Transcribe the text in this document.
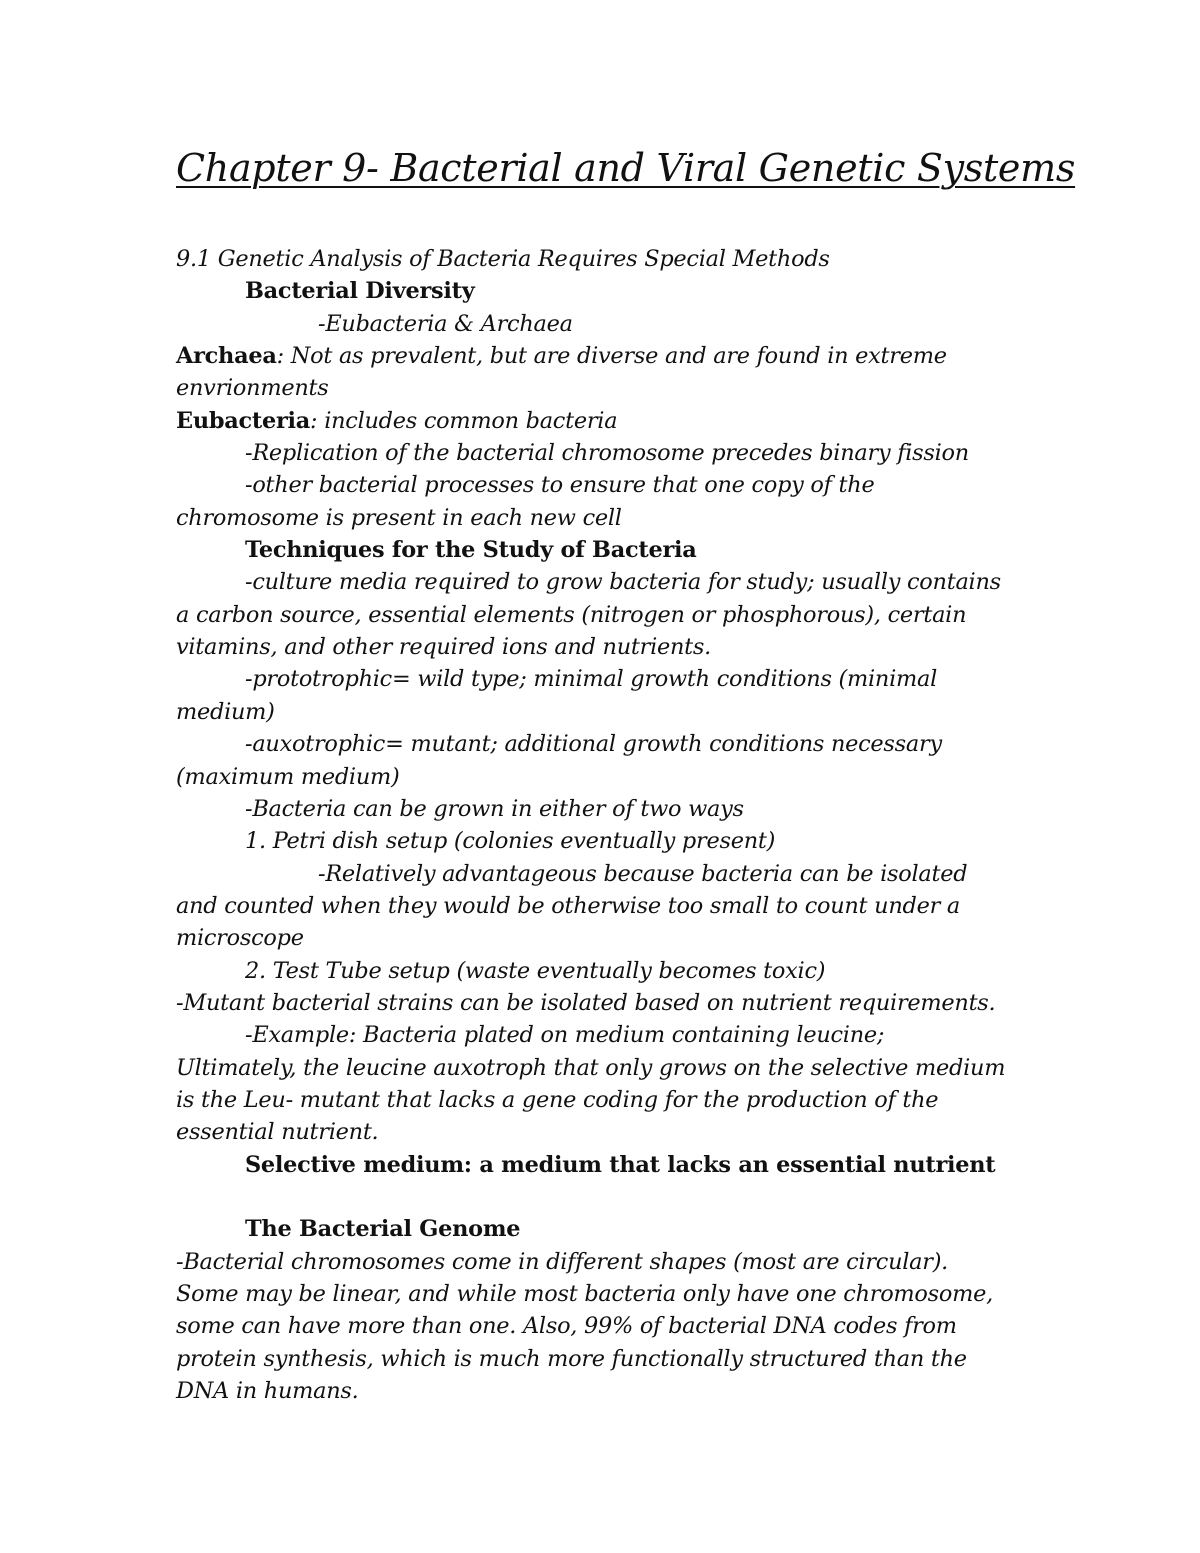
Chapter 9- Bacterial and Viral Genetic Systems
9.1 Genetic Analysis of Bacteria Requires Special Methods
Bacterial Diversity
-Eubacteria & Archaea
Archaea: Not as prevalent, but are diverse and are found in extreme
envrionments
Eubacteria: includes common bacteria
-Replication of the bacterial chromosome precedes binary fission
-other bacterial processes to ensure that one copy of the
chromosome is present in each new cell
Techniques for the Study of Bacteria
-culture media required to grow bacteria for study; usually contains
a carbon source, essential elements (nitrogen or phosphorous), certain
vitamins, and other required ions and nutrients.
-prototrophic= wild type; minimal growth conditions (minimal
medium)
-auxotrophic= mutant; additional growth conditions necessary
(maximum medium)
-Bacteria can be grown in either of two ways
1. Petri dish setup (colonies eventually present)
-Relatively advantageous because bacteria can be isolated
and counted when they would be otherwise too small to count under a
microscope
2. Test Tube setup (waste eventually becomes toxic)
-Mutant bacterial strains can be isolated based on nutrient requirements.
-Example: Bacteria plated on medium containing leucine;
Ultimately, the leucine auxotroph that only grows on the selective medium
is the Leu- mutant that lacks a gene coding for the production of the
essential nutrient.
Selective medium: a medium that lacks an essential nutrient
The Bacterial Genome
-Bacterial chromosomes come in different shapes (most are circular).
Some may be linear, and while most bacteria only have one chromosome,
some can have more than one. Also, 99% of bacterial DNA codes from
protein synthesis, which is much more functionally structured than the
DNA in humans.
